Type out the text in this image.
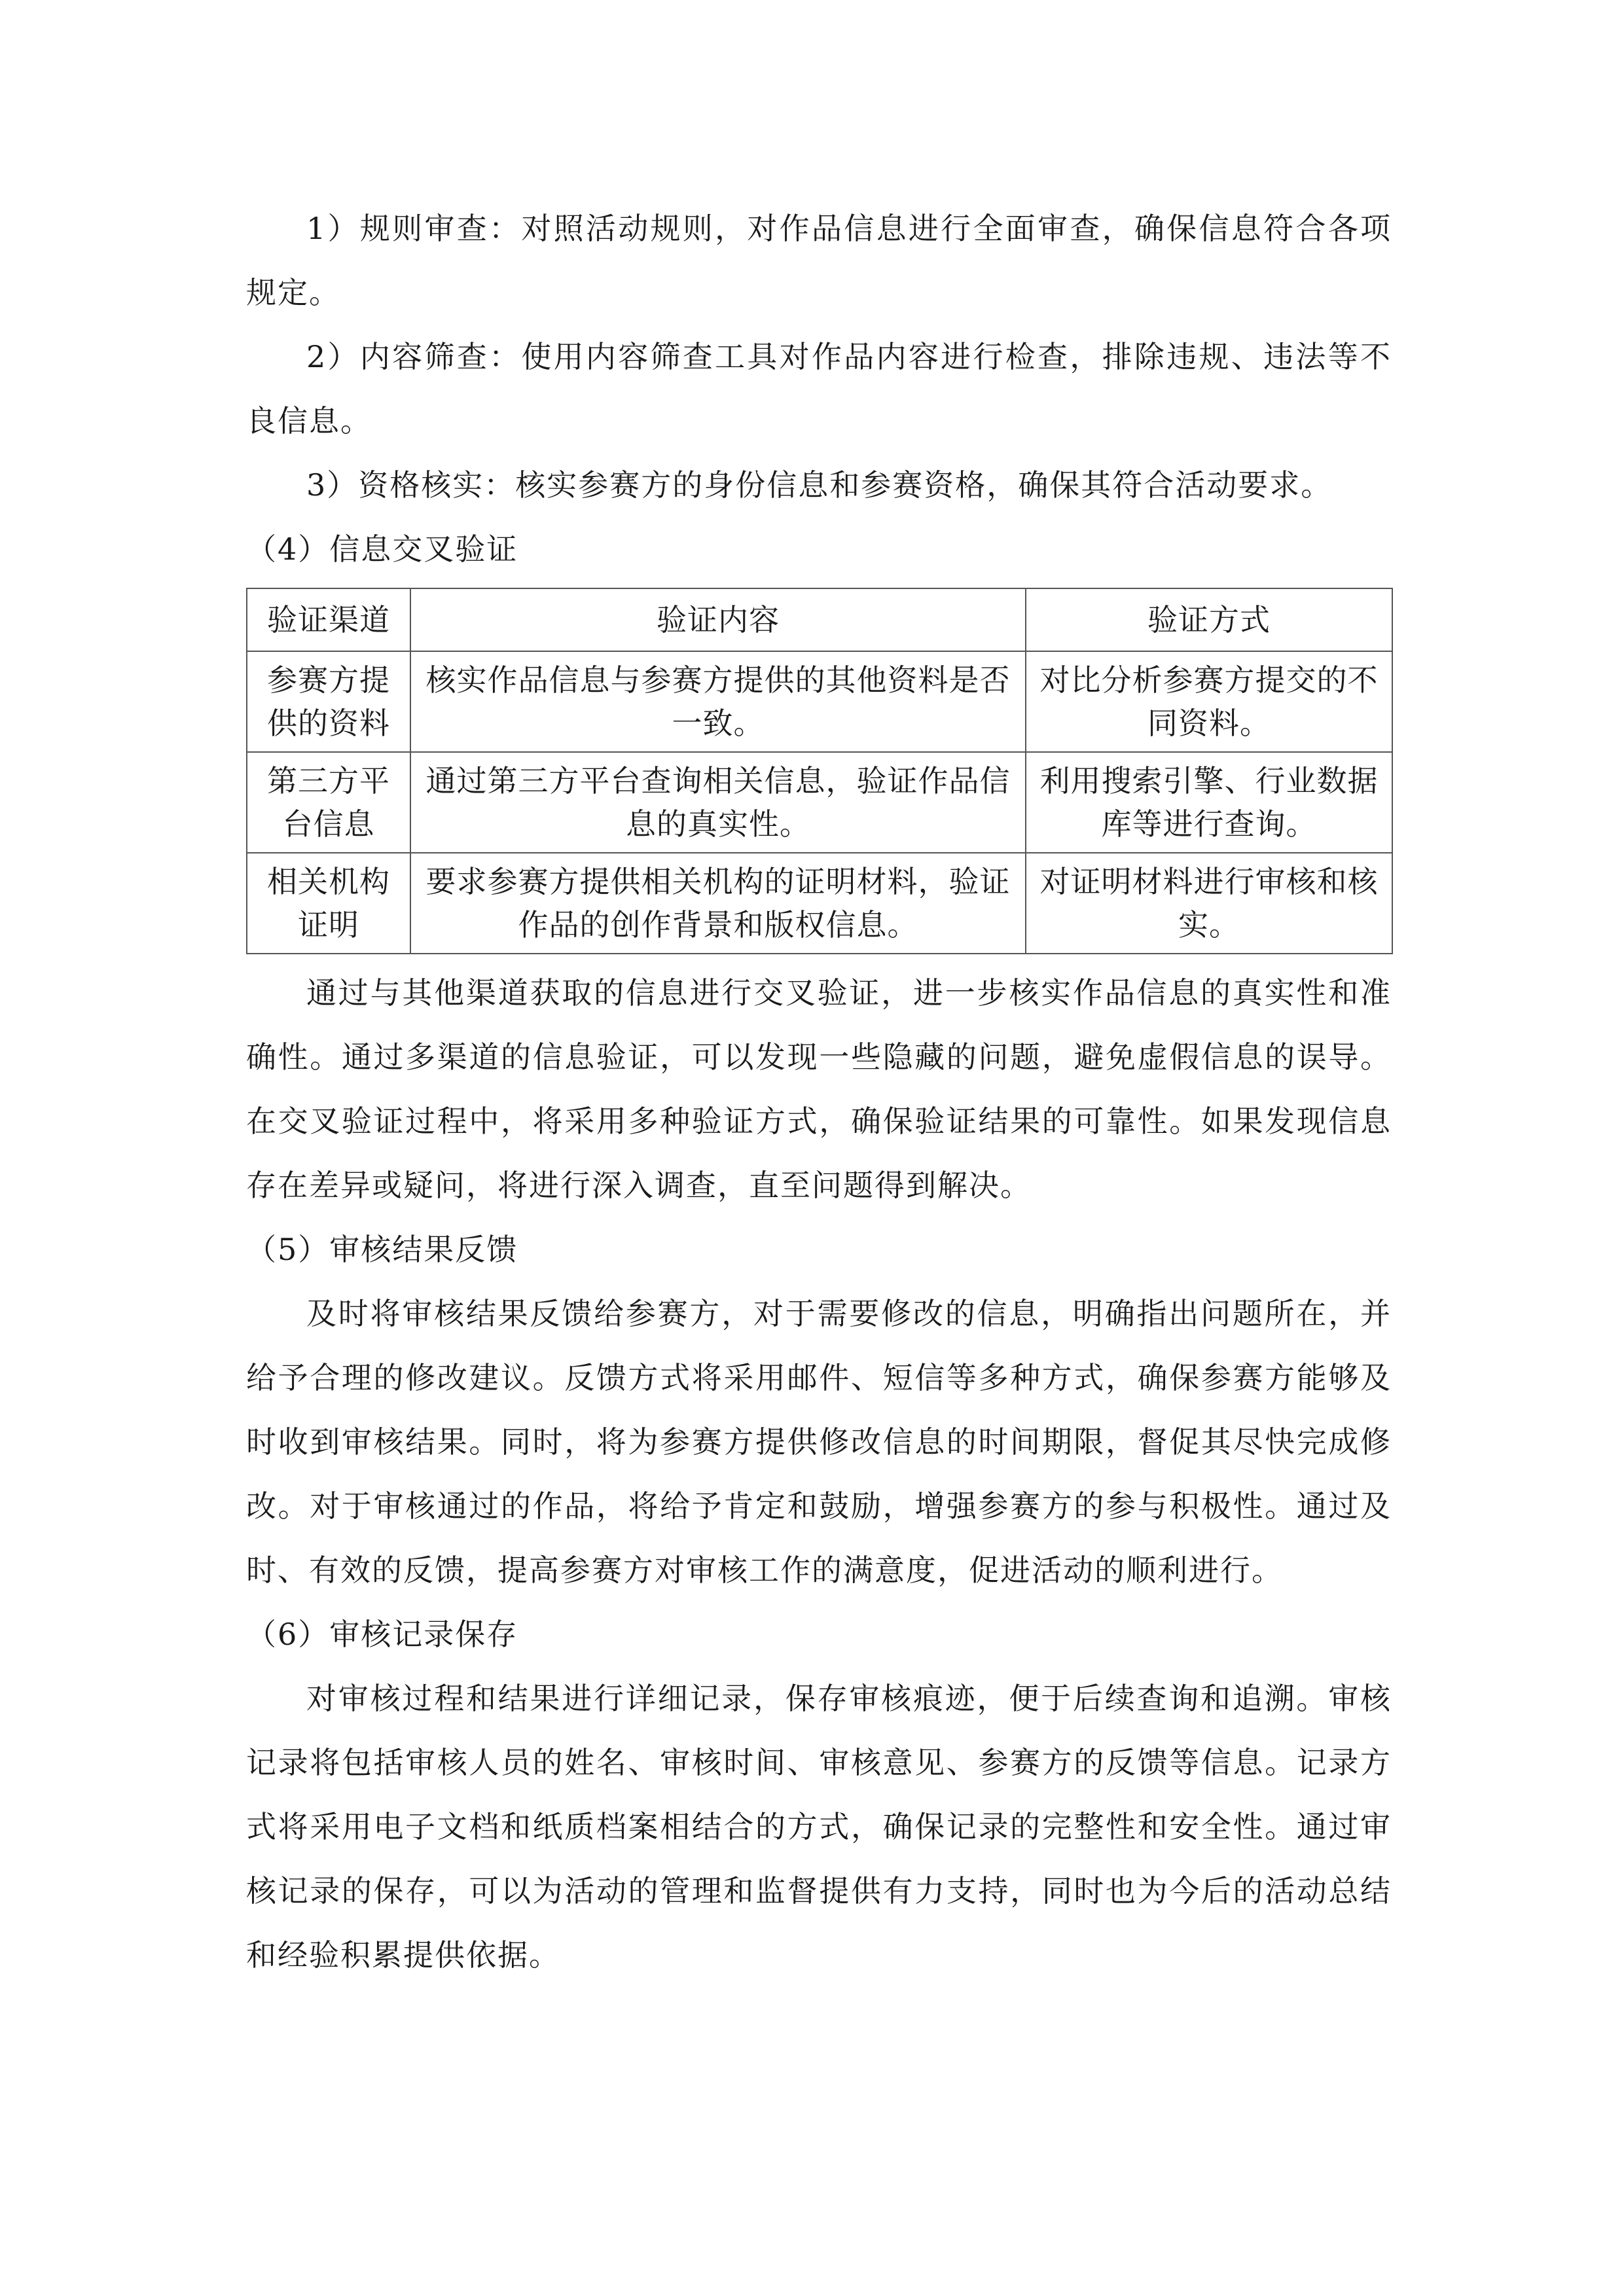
1）规则审查：对照活动规则，对作品信息进行全面审查，确保信息符合各项规定。

2）内容筛查：使用内容筛查工具对作品内容进行检查，排除违规、违法等不良信息。

3）资格核实：核实参赛方的身份信息和参赛资格，确保其符合活动要求。

（4）信息交叉验证

验证渠道	验证内容	验证方式
参赛方提供的资料	核实作品信息与参赛方提供的其他资料是否一致。	对比分析参赛方提交的不同资料。
第三方平台信息	通过第三方平台查询相关信息，验证作品信息的真实性。	利用搜索引擎、行业数据库等进行查询。
相关机构证明	要求参赛方提供相关机构的证明材料，验证作品的创作背景和版权信息。	对证明材料进行审核和核实。

通过与其他渠道获取的信息进行交叉验证，进一步核实作品信息的真实性和准确性。通过多渠道的信息验证，可以发现一些隐藏的问题，避免虚假信息的误导。在交叉验证过程中，将采用多种验证方式，确保验证结果的可靠性。如果发现信息存在差异或疑问，将进行深入调查，直至问题得到解决。

（5）审核结果反馈

及时将审核结果反馈给参赛方，对于需要修改的信息，明确指出问题所在，并给予合理的修改建议。反馈方式将采用邮件、短信等多种方式，确保参赛方能够及时收到审核结果。同时，将为参赛方提供修改信息的时间期限，督促其尽快完成修改。对于审核通过的作品，将给予肯定和鼓励，增强参赛方的参与积极性。通过及时、有效的反馈，提高参赛方对审核工作的满意度，促进活动的顺利进行。

（6）审核记录保存

对审核过程和结果进行详细记录，保存审核痕迹，便于后续查询和追溯。审核记录将包括审核人员的姓名、审核时间、审核意见、参赛方的反馈等信息。记录方式将采用电子文档和纸质档案相结合的方式，确保记录的完整性和安全性。通过审核记录的保存，可以为活动的管理和监督提供有力支持，同时也为今后的活动总结和经验积累提供依据。
